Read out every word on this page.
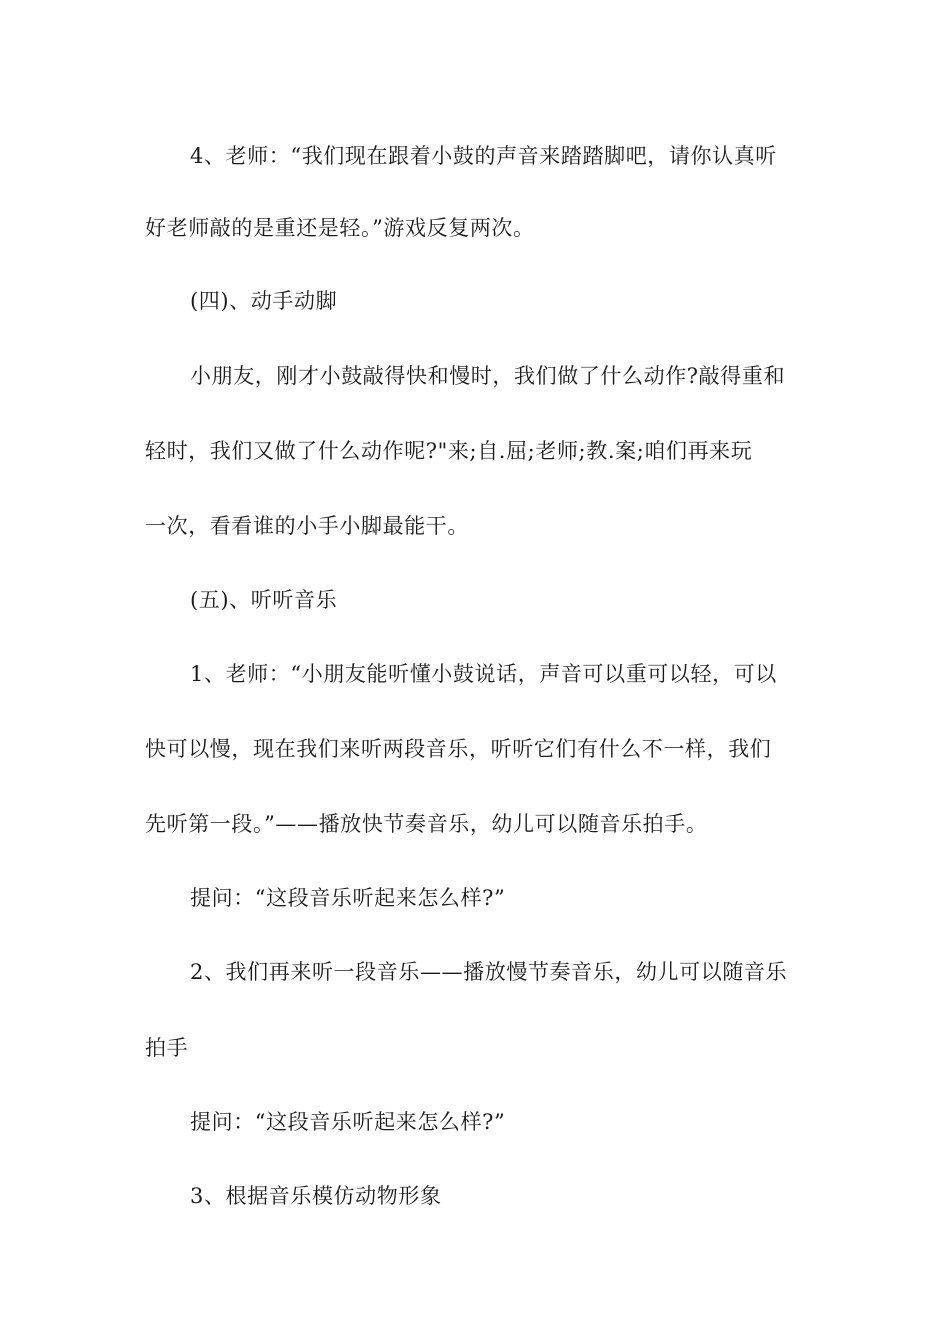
4、老师：“我们现在跟着小鼓的声音来踏踏脚吧，请你认真听
好老师敲的是重还是轻。”游戏反复两次。
(四)、动手动脚
小朋友，刚才小鼓敲得快和慢时，我们做了什么动作?敲得重和
轻时，我们又做了什么动作呢?"来;自.屈;老师;教.案;咱们再来玩
一次，看看谁的小手小脚最能干。
(五)、听听音乐
1、老师：“小朋友能听懂小鼓说话，声音可以重可以轻，可以
快可以慢，现在我们来听两段音乐，听听它们有什么不一样，我们
先听第一段。”——播放快节奏音乐，幼儿可以随音乐拍手。
提问：“这段音乐听起来怎么样?”
2、我们再来听一段音乐——播放慢节奏音乐，幼儿可以随音乐
拍手
提问：“这段音乐听起来怎么样?”
3、根据音乐模仿动物形象
